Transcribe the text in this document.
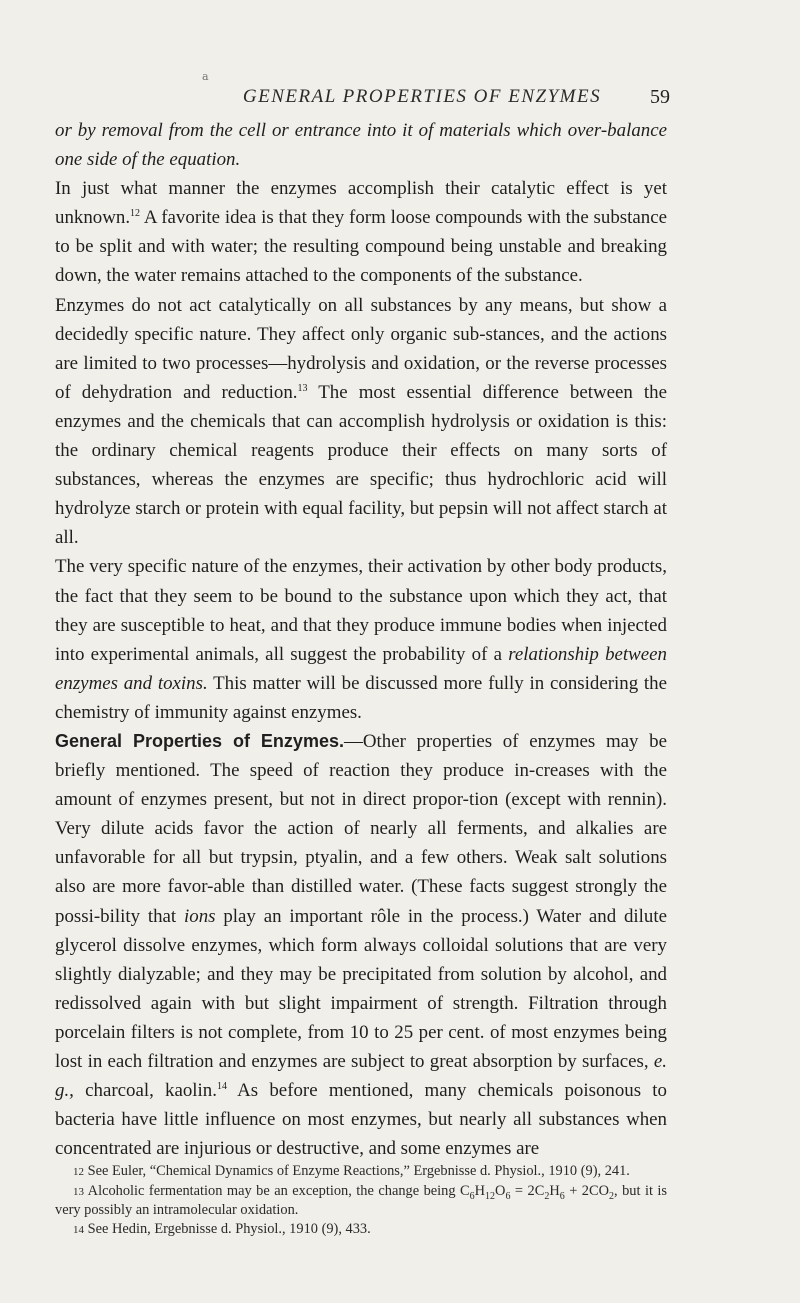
a
GENERAL PROPERTIES OF ENZYMES	59

or by removal from the cell or entrance into it of materials which over-balance one side of the equation.

In just what manner the enzymes accomplish their catalytic effect is yet unknown.$^{12}$ A favorite idea is that they form loose compounds with the substance to be split and with water; the resulting compound being unstable and breaking down, the water remains attached to the components of the substance.

Enzymes do not act catalytically on all substances by any means, but show a decidedly specific nature. They affect only organic sub-stances, and the actions are limited to two processes—hydrolysis and oxidation, or the reverse processes of dehydration and reduction.$^{13}$ The most essential difference between the enzymes and the chemicals that can accomplish hydrolysis or oxidation is this: the ordinary chemical reagents produce their effects on many sorts of substances, whereas the enzymes are specific; thus hydrochloric acid will hydrolyze starch or protein with equal facility, but pepsin will not affect starch at all.

The very specific nature of the enzymes, their activation by other body products, the fact that they seem to be bound to the substance upon which they act, that they are susceptible to heat, and that they produce immune bodies when injected into experimental animals, all suggest the probability of a relationship between enzymes and toxins. This matter will be discussed more fully in considering the chemistry of immunity against enzymes.

General Properties of Enzymes.—Other properties of enzymes may be briefly mentioned. The speed of reaction they produce in-creases with the amount of enzymes present, but not in direct propor-tion (except with rennin). Very dilute acids favor the action of nearly all ferments, and alkalies are unfavorable for all but trypsin, ptyalin, and a few others. Weak salt solutions also are more favor-able than distilled water. (These facts suggest strongly the possi-bility that ions play an important rôle in the process.) Water and dilute glycerol dissolve enzymes, which form always colloidal solutions that are very slightly dialyzable; and they may be precipitated from solution by alcohol, and redissolved again with but slight impairment of strength. Filtration through porcelain filters is not complete, from 10 to 25 per cent. of most enzymes being lost in each filtration and enzymes are subject to great absorption by surfaces, e. g., charcoal, kaolin.$^{14}$ As before mentioned, many chemicals poisonous to bacteria have little influence on most enzymes, but nearly all substances when concentrated are injurious or destructive, and some enzymes are

12 See Euler, “Chemical Dynamics of Enzyme Reactions,” Ergebnisse d. Physiol., 1910 (9), 241.

13 Alcoholic fermentation may be an exception, the change being $C_6H_{12}O_6 = 2C_2H_6 + 2CO_2$, but it is very possibly an intramolecular oxidation.

14 See Hedin, Ergebnisse d. Physiol., 1910 (9), 433.
